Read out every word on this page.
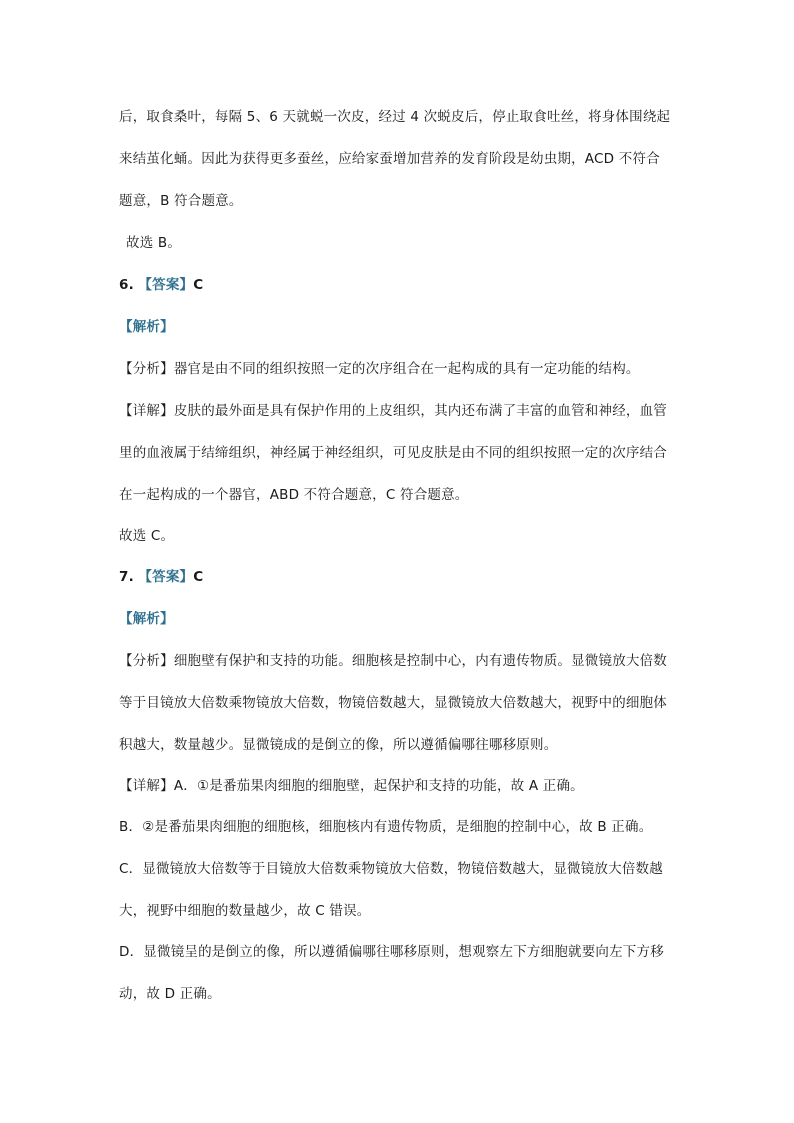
后，取食桑叶，每隔 5、6 天就蜕一次皮，经过 4 次蜕皮后，停止取食吐丝，将身体围绕起
来结茧化蛹。因此为获得更多蚕丝，应给家蚕增加营养的发育阶段是幼虫期，ACD 不符合
题意，B 符合题意。
故选 B。
6. 【答案】C
【解析】
【分析】器官是由不同的组织按照一定的次序组合在一起构成的具有一定功能的结构。
【详解】皮肤的最外面是具有保护作用的上皮组织，其内还布满了丰富的血管和神经，血管
里的血液属于结缔组织，神经属于神经组织，可见皮肤是由不同的组织按照一定的次序结合
在一起构成的一个器官，ABD 不符合题意，C 符合题意。
故选 C。
7. 【答案】C
【解析】
【分析】细胞壁有保护和支持的功能。细胞核是控制中心，内有遗传物质。显微镜放大倍数
等于目镜放大倍数乘物镜放大倍数，物镜倍数越大，显微镜放大倍数越大，视野中的细胞体
积越大，数量越少。显微镜成的是倒立的像，所以遵循偏哪往哪移原则。
【详解】A．①是番茄果肉细胞的细胞壁，起保护和支持的功能，故 A 正确。
B．②是番茄果肉细胞的细胞核，细胞核内有遗传物质，是细胞的控制中心，故 B 正确。
C．显微镜放大倍数等于目镜放大倍数乘物镜放大倍数，物镜倍数越大，显微镜放大倍数越
大，视野中细胞的数量越少，故 C 错误。
D．显微镜呈的是倒立的像，所以遵循偏哪往哪移原则，想观察左下方细胞就要向左下方移
动，故 D 正确。
